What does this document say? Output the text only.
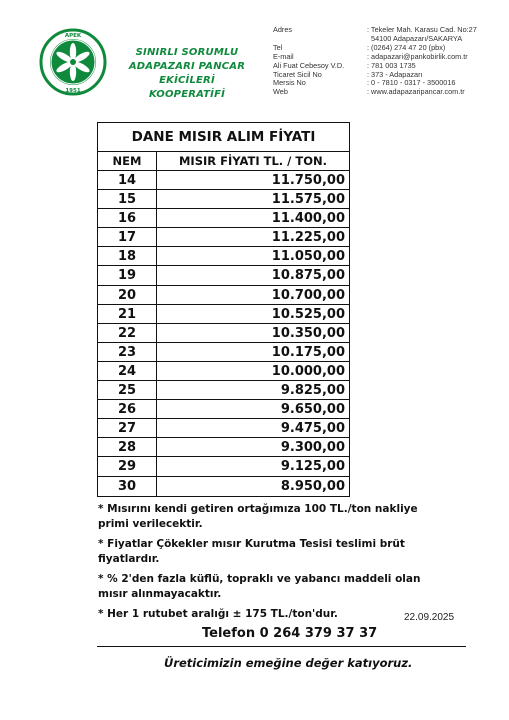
APEK
1951
SINIRLI SORUMLU
ADAPAZARI PANCAR EKİCİLERİ
KOOPERATİFİ
Adres	: Tekeler Mah. Karasu Cad. No:27
54100 Adapazarı/SAKARYA
Tel	: (0264) 274 47 20 (pbx)
E-mail	: adapazari@pankobirlik.com.tr
Ali Fuat Cebesoy V.D.	: 781 003 1735
Ticaret Sicil No	: 373 - Adapazarı
Mersis No	: 0 - 7810 - 0317 - 3500016
Web	: www.adapazaripancar.com.tr
DANE MISIR ALIM FİYATI
NEM	MISIR FİYATI TL. / TON.
14	11.750,00
15	11.575,00
16	11.400,00
17	11.225,00
18	11.050,00
19	10.875,00
20	10.700,00
21	10.525,00
22	10.350,00
23	10.175,00
24	10.000,00
25	9.825,00
26	9.650,00
27	9.475,00
28	9.300,00
29	9.125,00
30	8.950,00
* Mısırını kendi getiren ortağımıza 100 TL./ton nakliye primi verilecektir.
* Fiyatlar Çökekler mısır Kurutma Tesisi teslimi brüt fiyatlardır.
* % 2'den fazla küflü, topraklı ve yabancı maddeli olan mısır alınmayacaktır.
* Her 1 rutubet aralığı ± 175 TL./ton'dur.	22.09.2025
Telefon 0 264 379 37 37
Üreticimizin emeğine değer katıyoruz.
